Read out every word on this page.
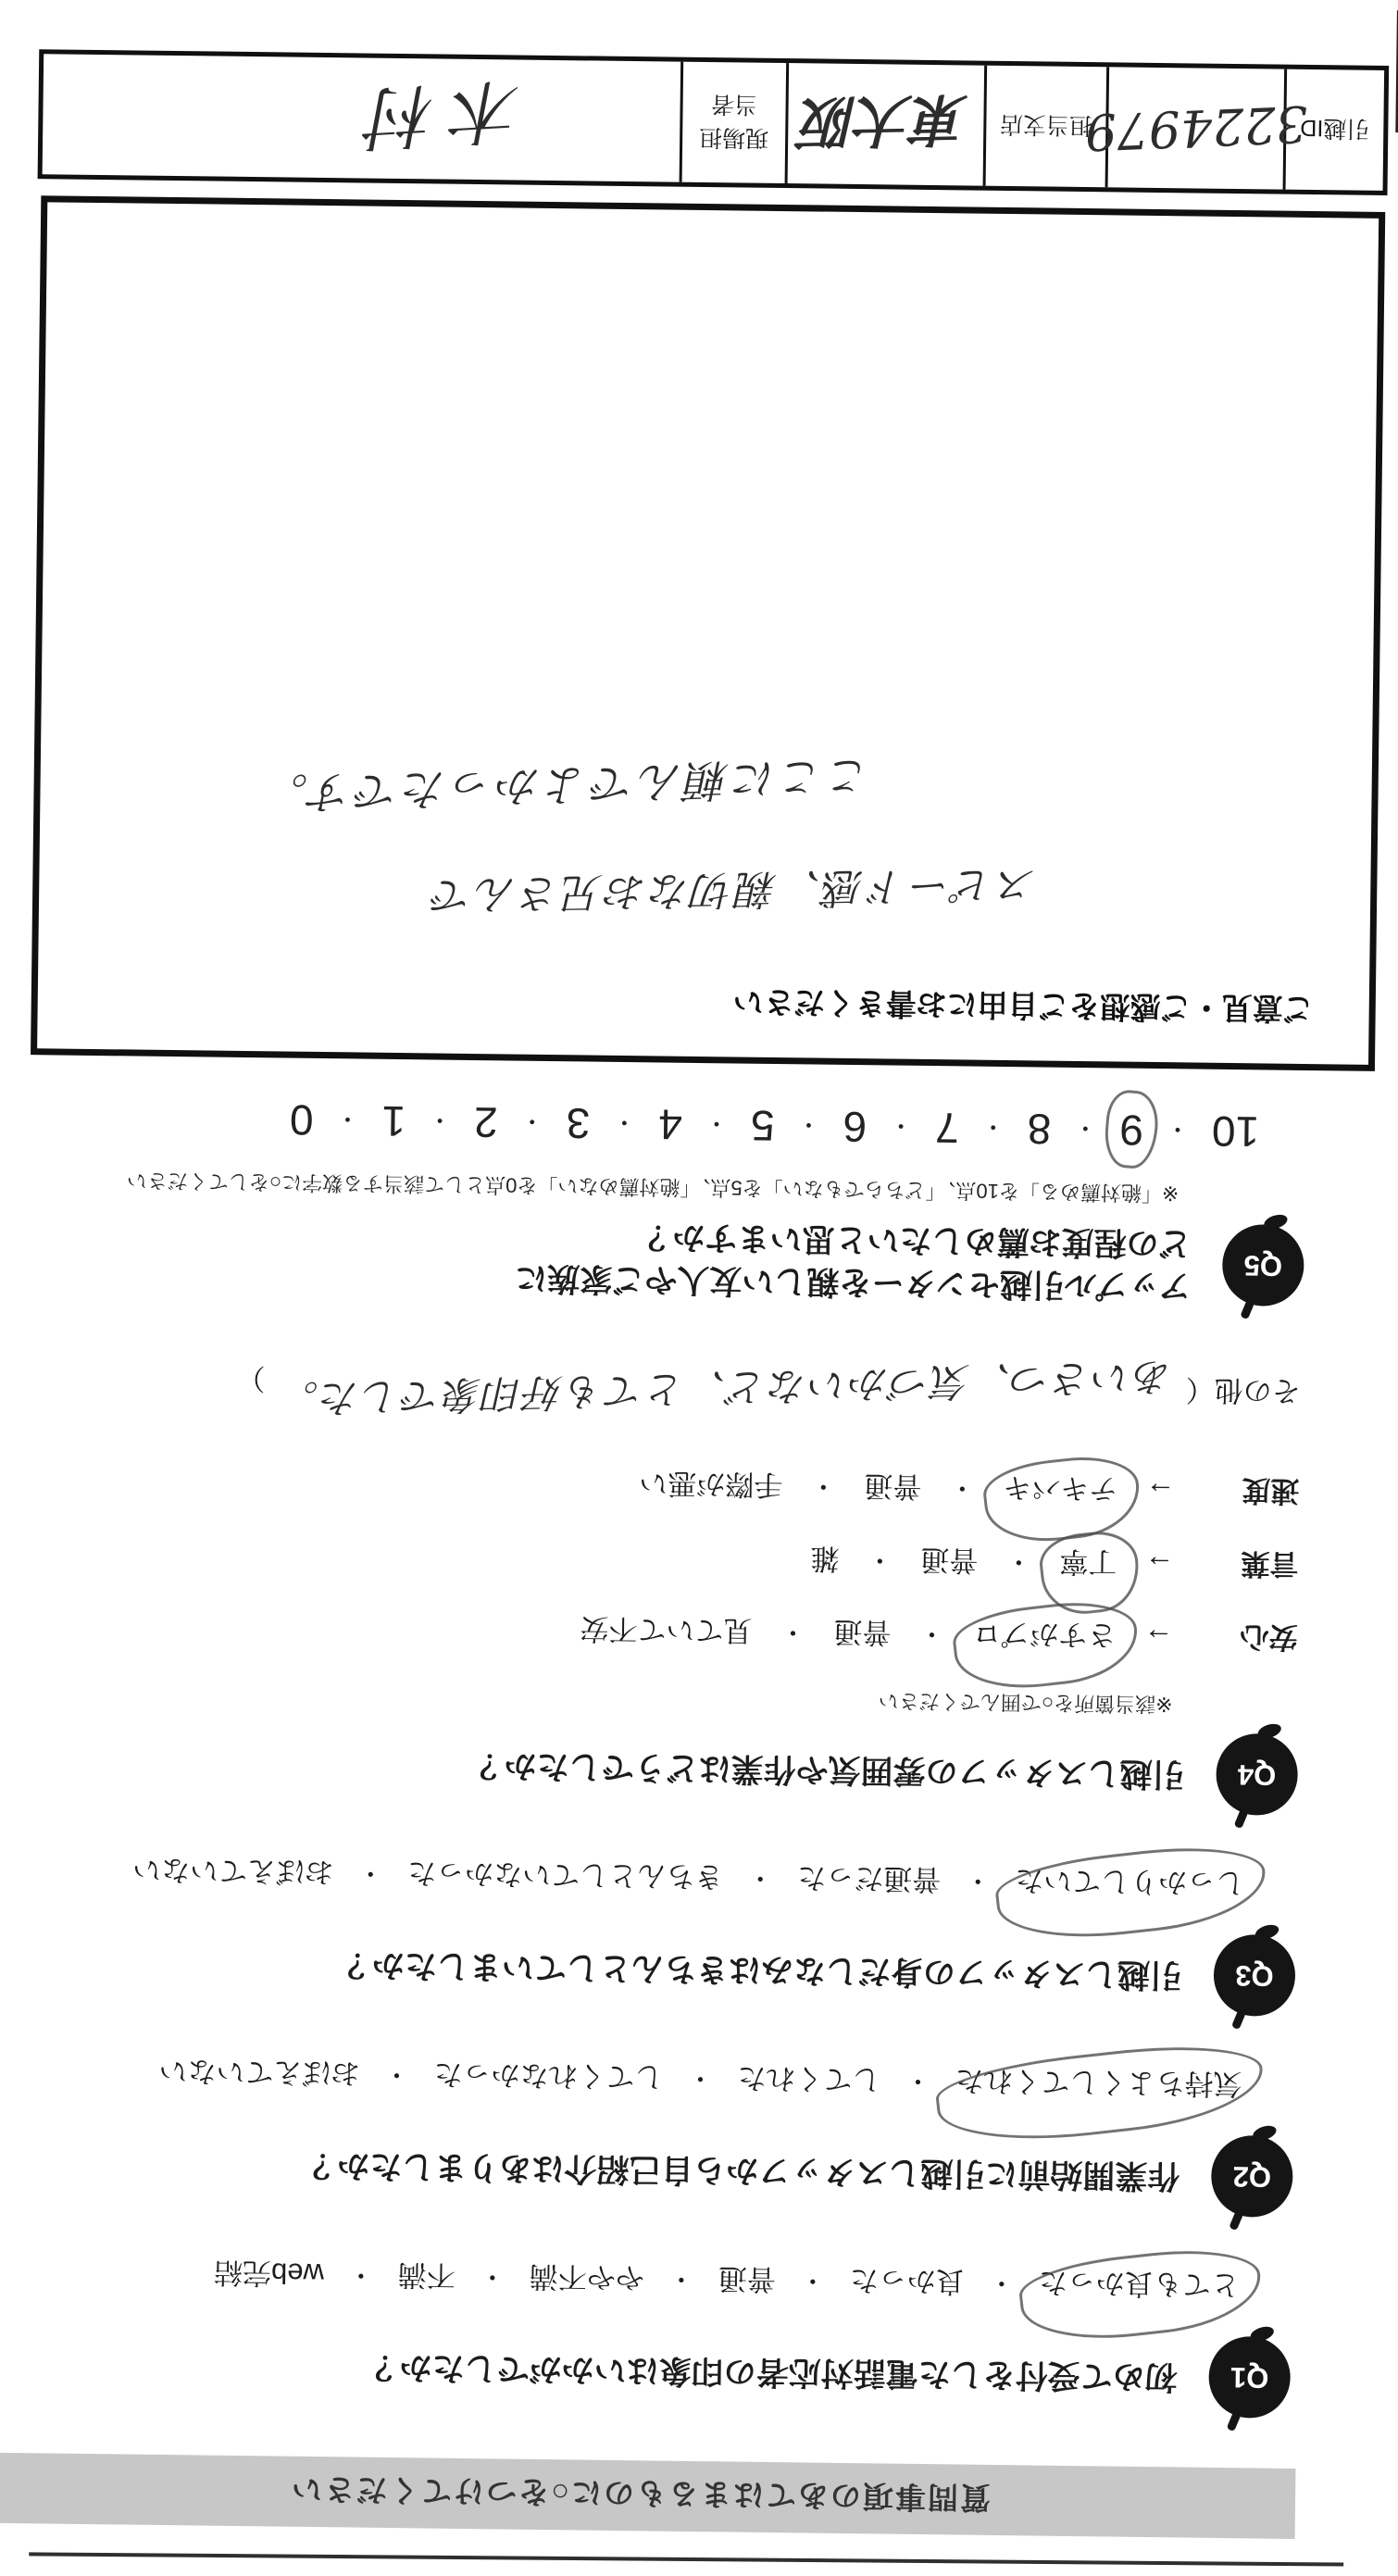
質問事項のあてはまるものに○をつけてください
Q1
初めて受付をした電話対応者の印象はいかがでしたか？
とても良かった
・
良かった
・
普通
・
やや不満
・
不満
・
web完結
Q2
作業開始前に引越しスタッフから自己紹介はありましたか？
気持ちよくしてくれた
・
してくれた
・
してくれなかった
・
おぼえていない
Q3
引越しスタッフの身だしなみはきちんとしていましたか？
しっかりしていた
・
普通だった
・
きちんとしていなかった
・
おぼえていない
Q4
引越しスタッフの雰囲気や作業はどうでしたか？
※該当箇所を○で囲んでください
安心
→
さすがプロ
・
普通
・
見ていて不安
言葉
→
丁寧
・
普通
・
雑
速度
→
テキパキ
・
普通
・
手際が悪い
その他（
あいさつ、気づかいなど、とても好印象でした。
）
Q5
アップル引越センターを親しい友人やご家族に
どの程度お薦めしたいと思いますか？
※「絶対薦める」を10点、「どちらでもない」を5点、「絶対薦めない」を0点として該当する数字に○をしてください
10
・
9
・
8
・
7
・
6
・
5
・
4
・
3
・
2
・
1
・
0
ご意見・ご感想をご自由にお書きください
スピード感、親切なお兄さんで
ここに頼んでよかったです。
引越ID
3224979
担当支店
東大阪
現場担当者
木村
